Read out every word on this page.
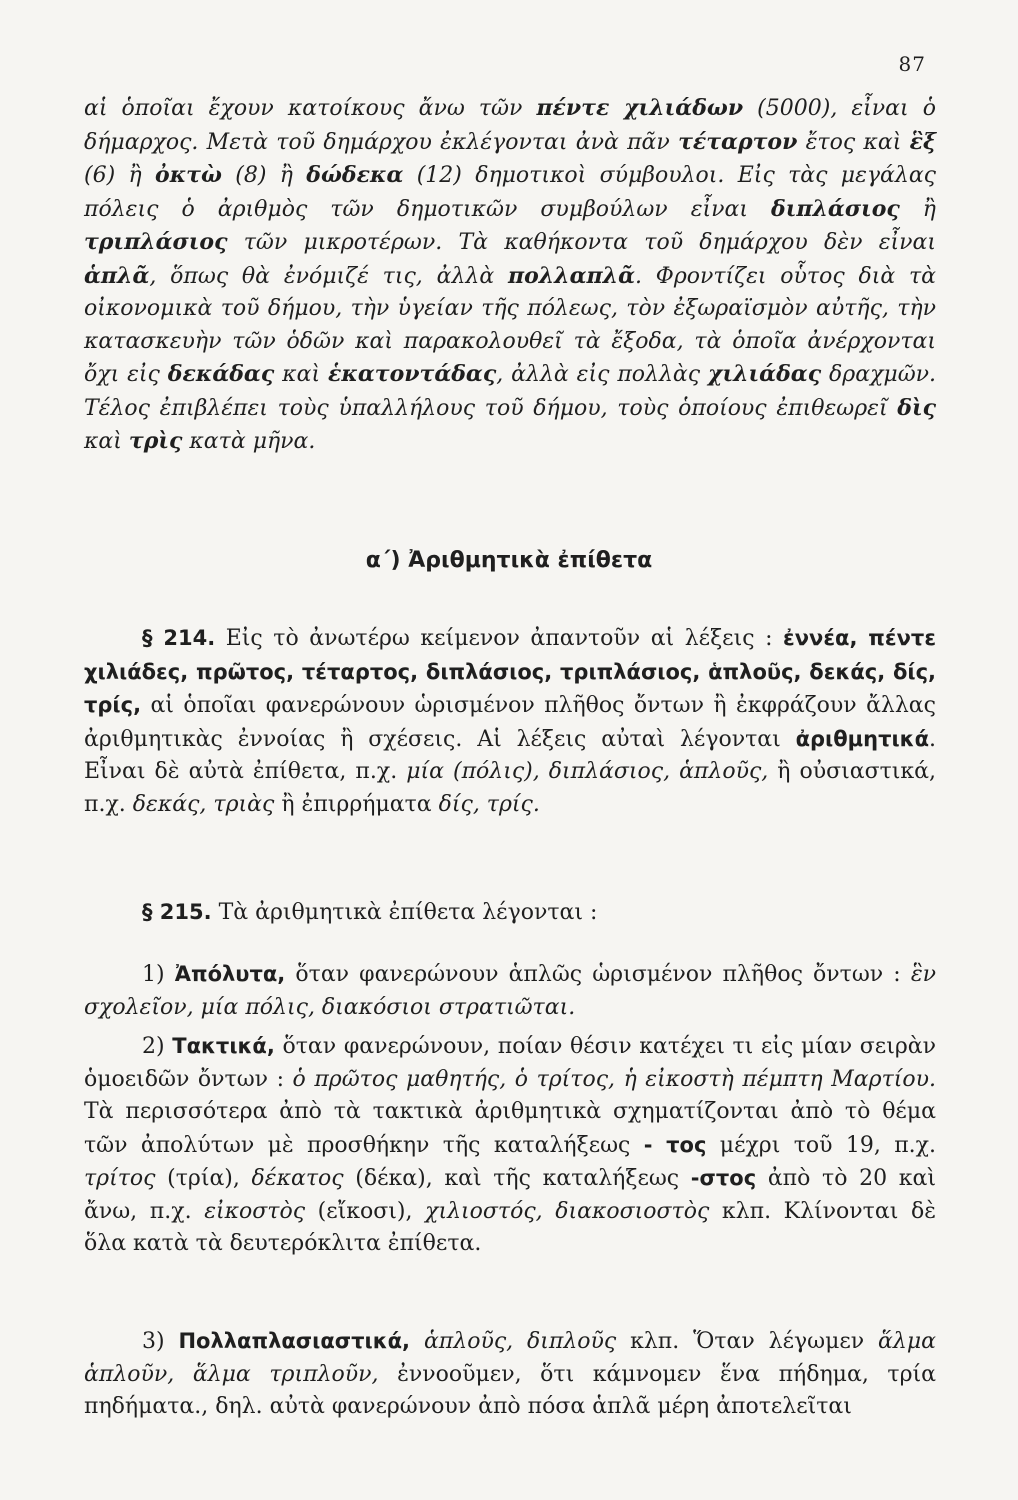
87

αἱ ὁποῖαι ἔχουν κατοίκους ἄνω τῶν πέντε χιλιάδων (5000), εἶναι ὁ δήμαρχος. Μετὰ τοῦ δημάρχου ἐκλέγονται ἀνὰ πᾶν τέταρτον ἔτος καὶ ἓξ (6) ἢ ὀκτὼ (8) ἢ δώδεκα (12) δημοτικοὶ σύμβουλοι. Εἰς τὰς μεγάλας πόλεις ὁ ἀριθμὸς τῶν δημοτικῶν συμβούλων εἶναι διπλάσιος ἢ τριπλάσιος τῶν μικροτέρων. Τὰ καθήκοντα τοῦ δημάρχου δὲν εἶναι ἁπλᾶ, ὅπως θὰ ἐνόμιζέ τις, ἀλλὰ πολλαπλᾶ. Φροντίζει οὗτος διὰ τὰ οἰκονομικὰ τοῦ δήμου, τὴν ὑγείαν τῆς πόλεως, τὸν ἐξωραϊσμὸν αὐτῆς, τὴν κατασκευὴν τῶν ὁδῶν καὶ παρακολουθεῖ τὰ ἔξοδα, τὰ ὁποῖα ἀνέρχονται ὄχι εἰς δεκάδας καὶ ἑκατοντάδας, ἀλλὰ εἰς πολλὰς χιλιάδας δραχμῶν. Τέλος ἐπιβλέπει τοὺς ὑπαλλήλους τοῦ δήμου, τοὺς ὁποίους ἐπιθεωρεῖ δὶς καὶ τρὶς κατὰ μῆνα.

α΄) Ἀριθμητικὰ ἐπίθετα

§ 214. Εἰς τὸ ἀνωτέρω κείμενον ἀπαντοῦν αἱ λέξεις : ἐννέα, πέντε χιλιάδες, πρῶτος, τέταρτος, διπλάσιος, τριπλάσιος, ἁπλοῦς, δεκάς, δίς, τρίς, αἱ ὁποῖαι φανερώνουν ὡρισμένον πλῆθος ὄντων ἢ ἐκφράζουν ἄλλας ἀριθμητικὰς ἐννοίας ἢ σχέσεις. Αἱ λέξεις αὐταὶ λέγονται ἀριθμητικά. Εἶναι δὲ αὐτὰ ἐπίθετα, π.χ. μία (πόλις), διπλάσιος, ἁπλοῦς, ἢ οὐσιαστικά, π.χ. δεκάς, τριὰς ἢ ἐπιρρήματα δίς, τρίς.

§ 215. Τὰ ἀριθμητικὰ ἐπίθετα λέγονται :

1) Ἀπόλυτα, ὅταν φανερώνουν ἁπλῶς ὡρισμένον πλῆθος ὄντων : ἓν σχολεῖον, μία πόλις, διακόσιοι στρατιῶται.

2) Τακτικά, ὅταν φανερώνουν, ποίαν θέσιν κατέχει τι εἰς μίαν σειρὰν ὁμοειδῶν ὄντων : ὁ πρῶτος μαθητής, ὁ τρίτος, ἡ εἰκοστὴ πέμπτη Μαρτίου. Τὰ περισσότερα ἀπὸ τὰ τακτικὰ ἀριθμητικὰ σχηματίζονται ἀπὸ τὸ θέμα τῶν ἀπολύτων μὲ προσθήκην τῆς καταλήξεως - τος μέχρι τοῦ 19, π.χ. τρίτος (τρία), δέκατος (δέκα), καὶ τῆς καταλήξεως -στος ἀπὸ τὸ 20 καὶ ἄνω, π.χ. εἰκοστὸς (εἴκοσι), χιλιοστός, διακοσιοστὸς κλπ. Κλίνονται δὲ ὅλα κατὰ τὰ δευτερόκλιτα ἐπίθετα.

3) Πολλαπλασιαστικά, ἁπλοῦς, διπλοῦς κλπ. Ὅταν λέγωμεν ἅλμα ἁπλοῦν, ἅλμα τριπλοῦν, ἐννοοῦμεν, ὅτι κάμνομεν ἕνα πήδημα, τρία πηδήματα., δηλ. αὐτὰ φανερώνουν ἀπὸ πόσα ἁπλᾶ μέρη ἀποτελεῖται
